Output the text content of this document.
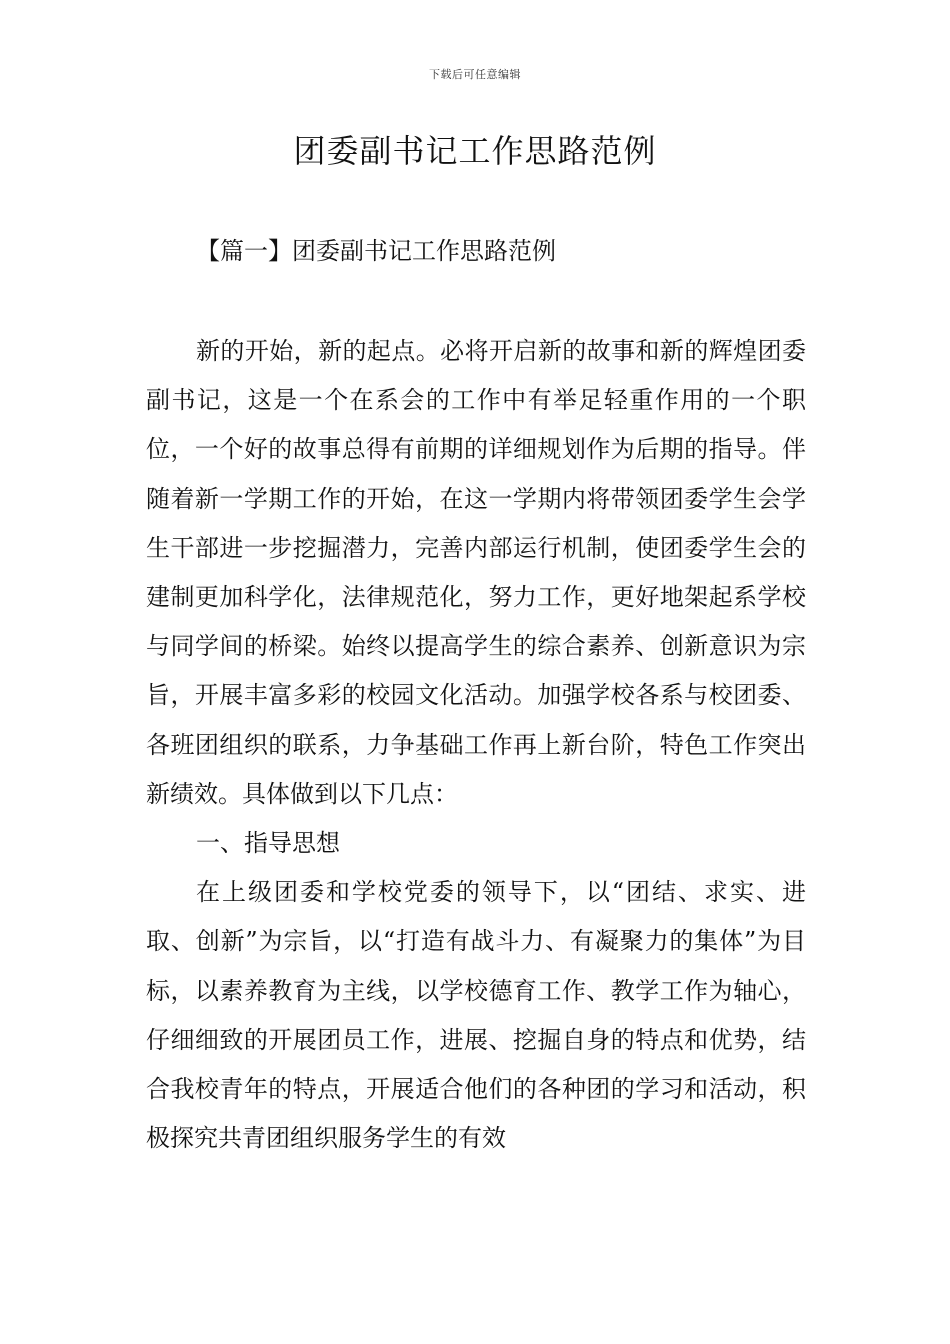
下载后可任意编辑
团委副书记工作思路范例
【篇一】团委副书记工作思路范例

新的开始，新的起点。必将开启新的故事和新的辉煌团委副书记，这是一个在系会的工作中有举足轻重作用的一个职位，一个好的故事总得有前期的详细规划作为后期的指导。伴随着新一学期工作的开始，在这一学期内将带领团委学生会学生干部进一步挖掘潜力，完善内部运行机制，使团委学生会的建制更加科学化，法律规范化，努力工作，更好地架起系学校与同学间的桥梁。始终以提高学生的综合素养、创新意识为宗旨，开展丰富多彩的校园文化活动。加强学校各系与校团委、各班团组织的联系，力争基础工作再上新台阶，特色工作突出新绩效。具体做到以下几点：

一、指导思想

在上级团委和学校党委的领导下，以“团结、求实、进取、创新”为宗旨，以“打造有战斗力、有凝聚力的集体”为目标，以素养教育为主线，以学校德育工作、教学工作为轴心，仔细细致的开展团员工作，进展、挖掘自身的特点和优势，结合我校青年的特点，开展适合他们的各种团的学习和活动，积极探究共青团组织服务学生的有效
